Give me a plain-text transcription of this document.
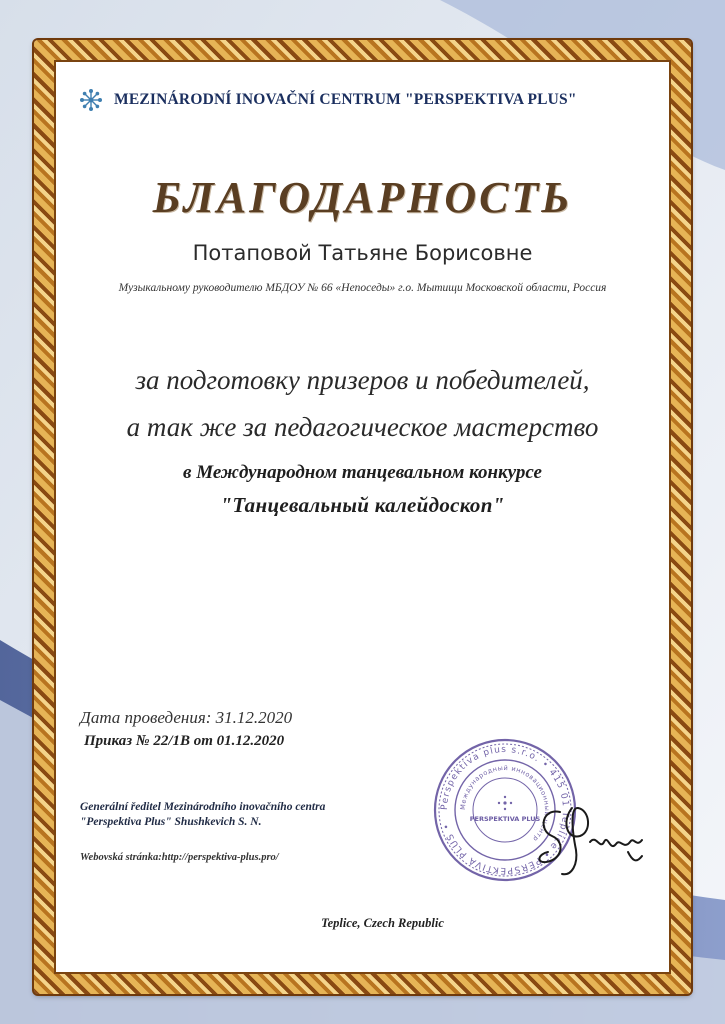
MEZINÁRODNÍ INOVAČNÍ CENTRUM "PERSPEKTIVA PLUS"
БЛАГОДАРНОСТЬ
Потаповой Татьяне Борисовне
Музыкальному руководителю МБДОУ № 66 «Непоседы» г.о. Мытищи Московской области, Россия
за подготовку призеров и победителей,
а так же за педагогическое мастерство
в Международном танцевальном конкурсе
"Танцевальный калейдоскоп"
Дата проведения: 31.12.2020
Приказ № 22/1В от 01.12.2020
Generální ředitel Mezinárodního inovačního centra
"Perspektiva Plus" Shushkevich S. N.
Webovská stránka:http://perspektiva-plus.pro/
Teplice, Czech Republic
Perspektiva plus s.r.o. • 415 01 Teplice • PERSPEKTIVA PLUS •
Международный инновационный центр
PERSPEKTIVA PLUS
